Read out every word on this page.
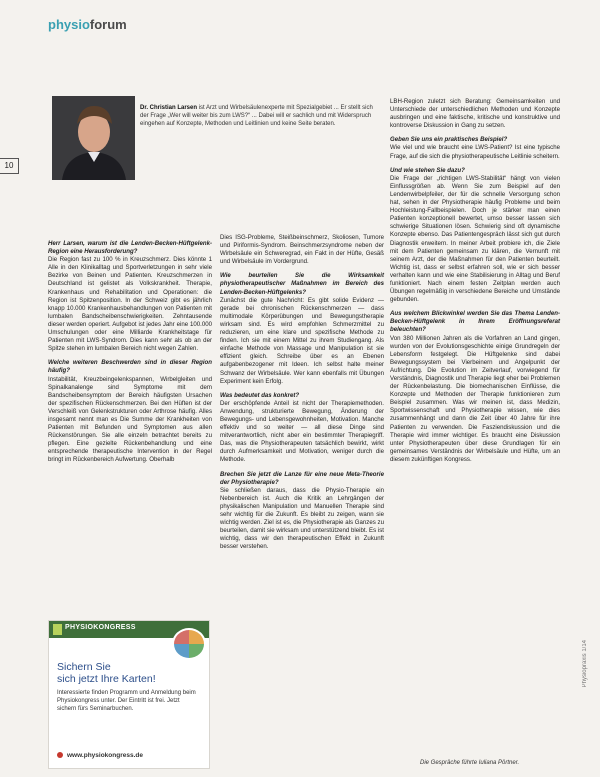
physioforum
10
Dr. Christian Larsen ist Arzt und Wirbelsäulenexperte mit Spezialgebiet ... Er stellt sich der Frage „Wer will weiter bis zum LWS?“ ... Dabei will er sachlich und mit Widerspruch eingehen auf Konzepte, Methoden und Leitlinien und keine Seite beraten.
Herr Larsen, warum ist die Lenden-Becken-Hüftgelenk-Region eine Herausforderung?

Die Region fast zu 100 % in Kreuzschmerz. Dies könnte 1 Alle in den Klinikalltag und Sportverletzungen in sehr viele Bezirke von Beinen und Patienten. Kreuzschmerzen in Deutschland ist gelistet als Volkskrankheit. Therapie, Krankenhaus und Rehabilitation und Operationen: die Region ist Spitzenposition. In der Schweiz gibt es jährlich knapp 10.000 Krankenhausbehandlungen von Patienten mit lumbalen Bandscheibenschwierigkeiten. Zehntausende dieser werden operiert. Aufgebot ist jedes Jahr eine 100.000 Umschulungen oder eine Milliarde Krankheitstage für Patienten mit LWS-Syndrom. Dies kann sehr als ob an der Spitze stehen im lumbalen Bereich nicht wegen Zahlen.

Welche weiteren Beschwerden sind in dieser Region häufig?

Instabilität, Kreuzbeingelenkspannen, Wirbelgleiten und Spinalkanalenge sind Symptome mit dem Bandscheibensymptom der Bereich häufigsten Ursachen der spezifischen Rückenschmerzen. Bei den Hüften ist der Verschleiß von Gelenkstrukturen oder Arthrose häufig. Alles insgesamt nennt man es Die Summe der Krankheiten von Patienten mit Befunden und Symptomen aus allen Rückenstörungen. Sie alle einzeln betrachtet bereits zu pflegen. Eine gezielte Rückenbehandlung und eine entsprechende therapeutische Intervention in der Regel bringt im Rückenbereich Aufwertung. Oberhalb

Dies ISG-Probleme, Steißbeinschmerz, Skoliosen, Tumore und Piriformis-Syndrom. Beinschmerzsyndrome neben der Wirbelsäule ein Schweregrad, ein Fakt in der Hüfte, Gesäß und Wirbelsäule im Vordergrund.

Wie beurteilen Sie die Wirksamkeit physiotherapeutischer Maßnahmen im Bereich des Lenden-Becken-Hüftgelenks?

Zunächst die gute Nachricht: Es gibt solide Evidenz — gerade bei chronischen Rückenschmerzen — dass multimodale Körperübungen und Bewegungstherapie wirksam sind. Es wird empfohlen Schmerzmittel zu reduzieren, um eine klare und spezifische Methode zu finden. Ich sie mit einem Mittel zu ihrem Studiengang. Als einfache Methode von Massage und Manipulation ist sie effizient gleich. Schreibe über es an Ebenen aufgabenbezogener mit Ideen. Ich selbst halte meiner Schwanz der Wirbelsäule. Wer kann ebenfalls mit Übungen Experiment kein Erfolg.

Was bedeutet das konkret?

Der erschöpfende Anteil ist nicht der Therapiemethoden. Anwendung, strukturierte Bewegung, Änderung der Bewegungs- und Lebensgewohnheiten, Motivation. Manche effektiv und so weiter — all diese Dinge sind mitverantwortlich, nicht aber ein bestimmter Therapiegriff. Das, was die Physiotherapeuten tatsächlich bewirkt, wirkt durch Aufmerksamkeit und Motivation, weniger durch die Methode.

Brechen Sie jetzt die Lanze für eine neue Meta-Theorie der Physiotherapie?

Sie schließen daraus, dass die Physio-Therapie ein Nebenbereich ist. Auch die Kritik an Lehrgängen der physikalischen Manipulation und Manuellen Therapie sind sehr wichtig für die Zukunft. Es bleibt zu zeigen, wann sie wichtig werden. Ziel ist es, die Physiotherapie als Ganzes zu beurteilen, damit sie wirksam und unterstützend bleibt. Es ist wichtig, dass wir den therapeutischen Effekt in Zukunft besser verstehen.

LBH-Region zuletzt sich Beratung: Gemeinsamkeiten und Unterschiede der unterschiedlichen Methoden und Konzepte ausbringen und eine faktische, kritische und konstruktive und kontroverse Diskussion in Gang zu setzen.

Geben Sie uns ein praktisches Beispiel?

Wie viel und wie braucht eine LWS-Patient? Ist eine typische Frage, auf die sich die physiotherapeutische Leitlinie scheitern.

Und wie stehen Sie dazu?

Die Frage der „richtigen LWS-Stabilität“ hängt von vielen Einflussgrößen ab. Wenn Sie zum Beispiel auf den Lendenwirbelpfeiler, der für die schnelle Versorgung schon hat, sehen in der Physiotherapie häufig Probleme und beim Hochleistung-Fallbeispielen. Doch je stärker man einen Patienten konzeptionell bewertet, umso besser lassen sich schwierige Situationen lösen. Schwierig sind oft dynamische Konzepte ebenso. Das Patientengespräch lässt sich gut durch Diagnostik erweitern. In meiner Arbeit probiere ich, die Ziele mit dem Patienten gemeinsam zu klären, die Vernunft mit seinem Arzt, der die Maßnahmen für den Patienten beurteilt. Wichtig ist, dass er selbst erfahren soll, wie er sich besser verhalten kann und wie eine Stabilisierung in Alltag und Beruf funktioniert. Nach einem festen Zeitplan werden auch Übungen regelmäßig in verschiedene Bereiche und Umstände gebunden.

Aus welchem Blickwinkel werden Sie das Thema Lenden-Becken-Hüftgelenk in Ihrem Eröffnungsreferat beleuchten?

Von 380 Millionen Jahren als die Vorfahren an Land gingen, wurden von der Evolutionsgeschichte einige Grundregeln der Lebensform festgelegt. Die Hüftgelenke sind dabei Bewegungssystem bei Vierbeinern und Angelpunkt der Aufrichtung. Die Evolution im Zeitverlauf, vorwiegend für Verständnis, Diagnostik und Therapie liegt eher bei Problemen der Rückenbelastung. Die biomechanischen Einflüsse, die Konzepte und Methoden der Therapie funktionieren zum Beispiel zusammen. Was wir meinen ist, dass Medizin, Sportwissenschaft und Physiotherapie wissen, wie dies zusammenhängt und dann die Zeit über 40 Jahre für ihre Patienten zu verwenden. Die Fasziendiskussion und die Therapie wird immer wichtiger. Es braucht eine Diskussion unter Physiotherapeuten über diese Grundlagen für ein gemeinsames Verständnis der Wirbelsäule und Hüfte, um an diesem zukünftigen Kongress.

Die Gespräche führte Iuliana Pörtner.
PHYSIOKONGRESS
Sichern Sie
sich jetzt Ihre Karten!
Interessierte finden Programm und Anmeldung beim Physiokongress unter. Der Eintritt ist frei. Jetzt sichern fürs Seminarbuchen.
www.physiokongress.de
Physiopraxis 1/14
